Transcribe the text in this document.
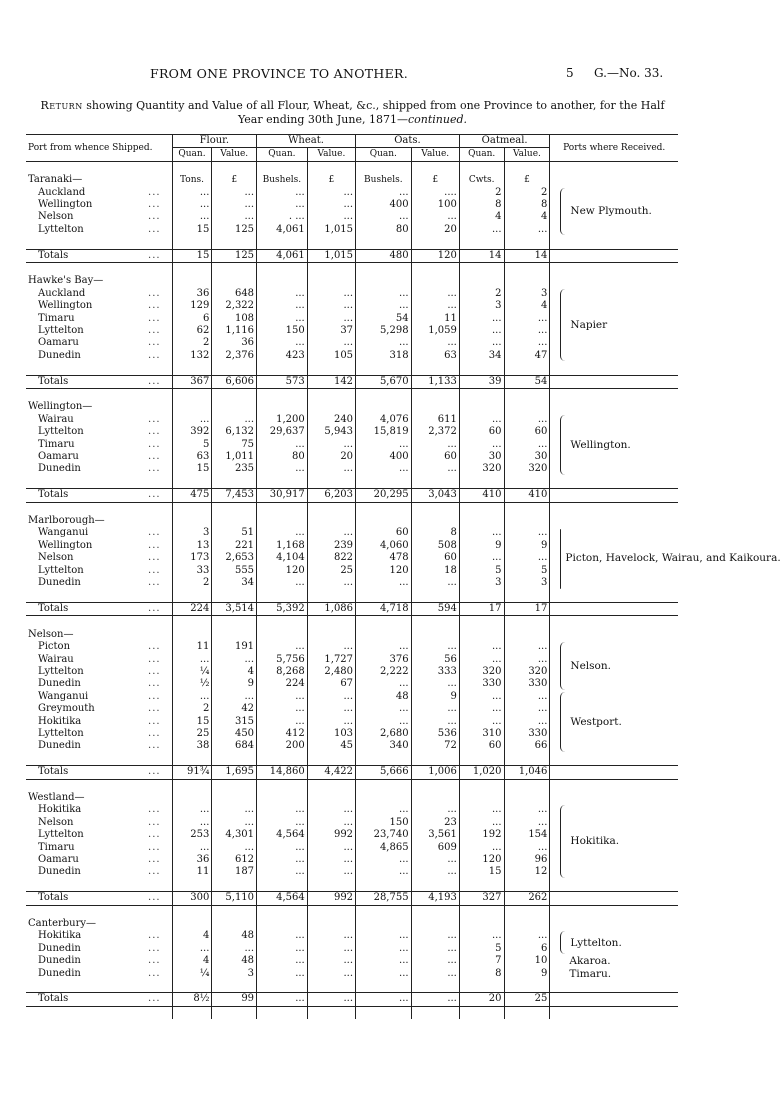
FROM ONE PROVINCE TO ANOTHER.	5 G.—No. 33.
Return showing Quantity and Value of all Flour, Wheat, &c., shipped from one Province to another, for the Half Year ending 30th June, 1871—continued.
Port from whence Shipped.		Flour.		Wheat.		Oats.		Oatmeal.		Ports where Received.
		Quan.	Value.	Quan.	Value.	Quan.	Value.	Quan.	Value.	

Taranaki—		Tons.	£	Bushels.	£	Bushels.	£	Cwts.	£	
Auckland	...	...	...	...	...	...	....	2	2	New Plymouth.

Wellington	...	...	...	...	...	400	100	8	8	
Nelson	...	...	...	. ...	...	...	...	4	4	
Lyttelton	...	15	125	4,061	1,015	80	20	...	...	

Totals	...	15	125	4,061	1,015	480	120	14	14	

Hawke's Bay—										
Auckland	...	36	648	...	...	...	...	2	3	Napier

Wellington	...	129	2,322	...	...	...	...	3	4	
Timaru	...	6	108	...	...	54	11	...	...	
Lyttelton	...	62	1,116	150	37	5,298	1,059	...	...	
Oamaru	...	2	36	...	...	...	...	...	...	
Dunedin	...	132	2,376	423	105	318	63	34	47	

Totals	...	367	6,606	573	142	5,670	1,133	39	54	

Wellington—										
Wairau	...	...	...	1,200	240	4,076	611	...	...	Wellington.

Lyttelton	...	392	6,132	29,637	5,943	15,819	2,372	60	60	
Timaru	...	5	75	...	...	...	...	...	...	
Oamaru	...	63	1,011	80	20	400	60	30	30	
Dunedin	...	15	235	...	...	...	...	320	320	

Totals	...	475	7,453	30,917	6,203	20,295	3,043	410	410	

Marlborough—										
Wanganui	...	3	51	...	...	60	8	...	...	Picton, Havelock, Wairau, and Kaikoura.

Wellington	...	13	221	1,168	239	4,060	508	9	9	
Nelson	...	173	2,653	4,104	822	478	60	...	...	
Lyttelton	...	33	555	120	25	120	18	5	5	
Dunedin	...	2	34	...	...	...	...	3	3	

Totals	...	224	3,514	5,392	1,086	4,718	594	17	17	

Nelson—										
Picton	...	11	191	...	...	...	...	...	...	Nelson.

Wairau	...	...	...	5,756	1,727	376	56	...	...	
Lyttelton	...	¼	4	8,268	2,480	2,222	333	320	320	
Dunedin	...	½	9	224	67	...	...	330	330	
Wanganui	...	...	...	...	...	48	9	...	...	Westport.

Greymouth	...	2	42	...	...	...	...	...	...	
Hokitika	...	15	315	...	...	...	...	...	...	
Lyttelton	...	25	450	412	103	2,680	536	310	330	
Dunedin	...	38	684	200	45	340	72	60	66	

Totals	...	91¾	1,695	14,860	4,422	5,666	1,006	1,020	1,046	

Westland—										
Hokitika	...	...	...	...	...	...	...	...	...	Hokitika.

Nelson	...	...	...	...	...	150	23	...	...	
Lyttelton	...	253	4,301	4,564	992	23,740	3,561	192	154	
Timaru	...	...	...	...	...	4,865	609	...	...	
Oamaru	...	36	612	...	...	...	...	120	96	
Dunedin	...	11	187	...	...	...	...	15	12	

Totals	...	300	5,110	4,564	992	28,755	4,193	327	262	

Canterbury—										
Hokitika	...	4	48	...	...	...	...	...	...	Lyttelton.

Dunedin	...	...	...	...	...	...	...	5	6	
Dunedin	...	4	48	...	...	...	...	7	10	Akaroa.

Dunedin	...	¼	3	...	...	...	...	8	9	Timaru.

Totals	...	8½	99	...	...	...	...	20	25	
